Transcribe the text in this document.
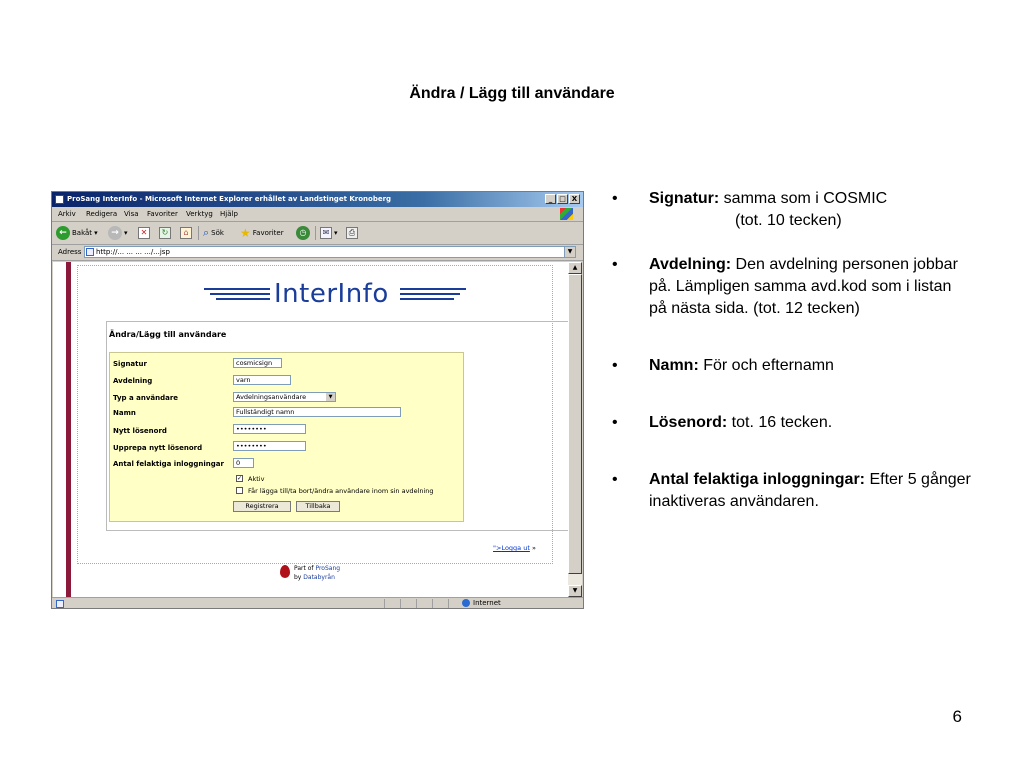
Ändra / Lägg till användare
ProSang InterInfo - Microsoft Internet Explorer erhållet av Landstinget Kronoberg	_ □ X
Arkiv Redigera Visa Favoriter Verktyg Hjälp
← Bakåt ▾	→ ▾	✕	↻	⌂	⌕ Sök ★ Favoriter	◷	✉ ▾	⎙
Adress	http://... ... ... .../...jsp	▼
InterInfo
Ändra/Lägg till användare
Signatur	cosmicsign
Avdelning	varn
Typ a användare	Avdelningsanvändare	▼
Namn	Fullständigt namn
Nytt lösenord	••••••••
Upprepa nytt lösenord	••••••••
Antal felaktiga inloggningar	0
✓ Aktiv
Får lägga till/ta bort/ändra användare inom sin avdelning
Registrera	Tillbaka
">Logga ut »
Part of ProSang
by Databyrån
▲
▼
Internet
• Signatur: samma som i COSMIC
(tot. 10 tecken)
• Avdelning: Den avdelning personen jobbar på. Lämpligen samma avd.kod som i listan på nästa sida. (tot. 12 tecken)
• Namn: För och efternamn
• Lösenord: tot. 16 tecken.
• Antal felaktiga inloggningar: Efter 5 gånger inaktiveras användaren.
6
